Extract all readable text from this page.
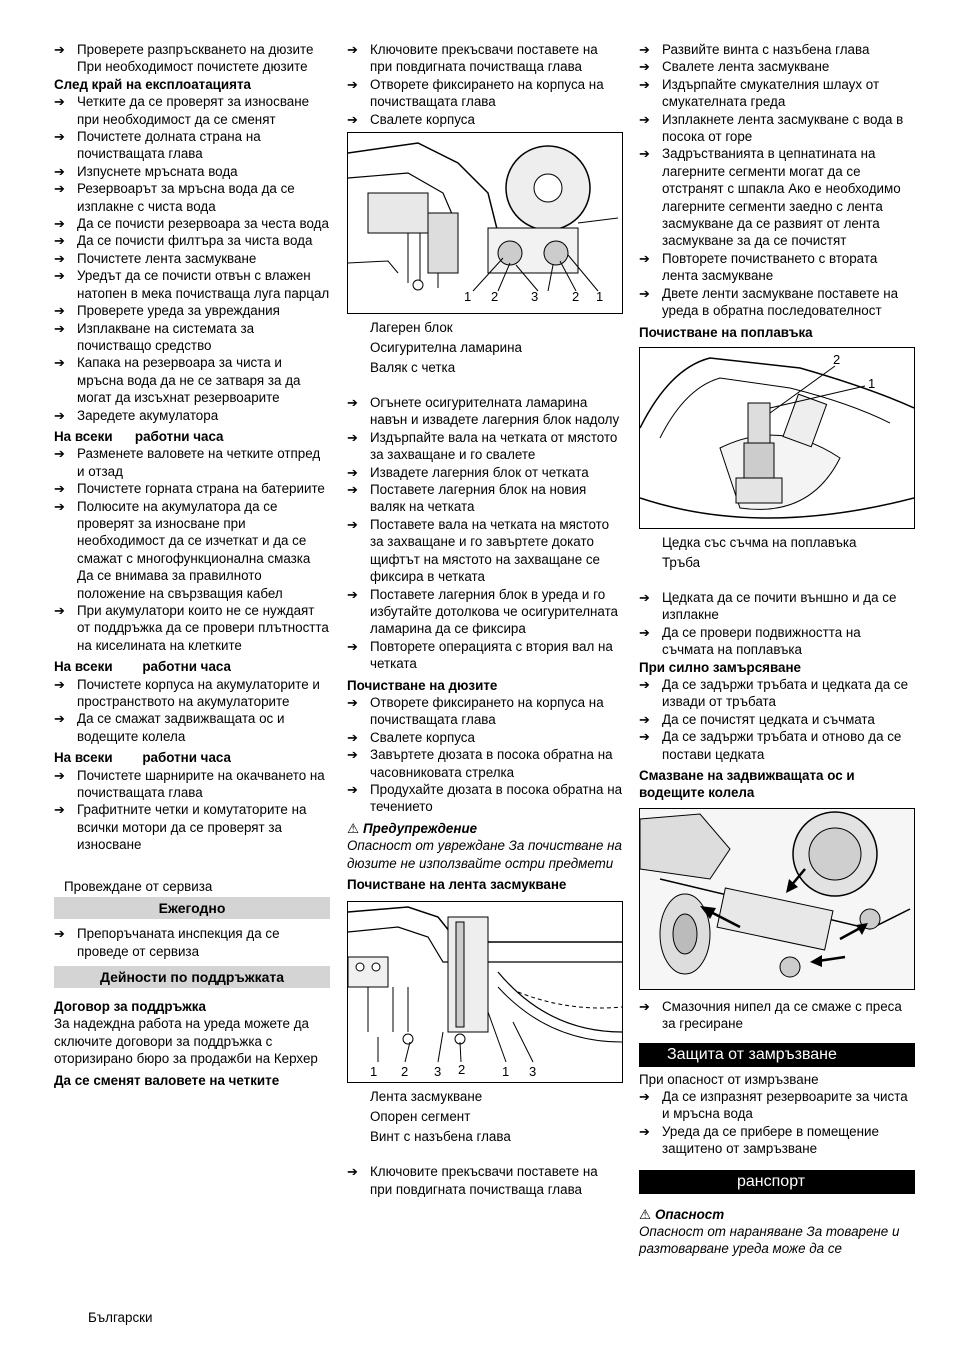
➔ Проверете разпръскването на дюзите
При необходимост почистете дюзите
След край на експлоатацията
➔ Четките да се проверят за износване при необходимост да се сменят
➔ Почистете долната страна на почистващата глава
➔ Изпуснете мръсната вода
➔ Резервоарът за мръсна вода да се изплакне с чиста вода
➔ Да се почисти резервоара за честа вода
➔ Да се почисти филтъра за чиста вода
➔ Почистете лента засмукване
➔ Уредът да се почисти отвън с влажен натопен в мека почистваща луга парцал
➔ Проверете уреда за увреждания
➔ Изплакване на системата за почистващо средство
➔ Капака на резервоара за чиста и мръсна вода да не се затваря за да могат да изсъхнат резервоарите
➔ Заредете акумулатора
На всеки      работни часа
➔ Разменете валовете на четките отпред и отзад
➔ Почистете горната страна на батериите
➔ Полюсите на акумулатора да се проверят за износване при необходимост да се изчеткат и да се смажат с многофункционална смазка Да се внимава за правилното положение на свързващия кабел
➔ При акумулатори които не се нуждаят от поддръжка да се провери плътността на киселината на клетките
На всеки        работни часа
➔ Почистете корпуса на акумулаторите и пространството на акумулаторите
➔ Да се смажат задвижващата ос и водещите колела
На всеки        работни часа
➔ Почистете шарнирите на окачването на почистващата глава
➔ Графитните четки и комутаторите на всички мотори да се проверят за износване
Провеждане от сервиза
Ежегодно
➔ Препоръчаната инспекция да се проведе от сервиза
Дейности по поддръжката
Договор за поддръжка
За надеждна работа на уреда можете да сключите договори за поддръжка с оторизирано бюро за продажби на Керхер
Да се сменят валовете на четките
➔ Ключовите прекъсвачи поставете на при повдигната почистваща глава
➔ Отворете фиксирането на корпуса на почистващата глава
➔ Свалете корпуса
1 2	3	2 1
Лагерен блок
Осигурителна ламарина
Валяк с четка
➔ Огънете осигурителната ламарина навън и извадете лагерния блок надолу
➔ Издърпайте вала на четката от мястото за захващане и го свалете
➔ Извадете лагерния блок от четката
➔ Поставете лагерния блок на новия валяк на четката
➔ Поставете вала на четката на мястото за захващане и го завъртете докато щифтът на мястото на захващане се фиксира в четката
➔ Поставете лагерния блок в уреда и го избутайте дотолкова че осигурителната ламарина да се фиксира
➔ Повторете операцията с втория вал на четката
Почистване на дюзите
➔ Отворете фиксирането на корпуса на почистващата глава
➔ Свалете корпуса
➔ Завъртете дюзата в посока обратна на часовниковата стрелка
➔ Продухайте дюзата в посока обратна на течението
⚠ Предупреждение
Опасност от увреждане За почистване на дюзите не използвайте остри предмети
Почистване на лента засмукване
1 2 3 2	1 3
Лента засмукване
Опорен сегмент
Винт с назъбена глава
➔ Ключовите прекъсвачи поставете на при повдигната почистваща глава
➔ Развийте винта с назъбена глава
➔ Свалете лента засмукване
➔ Издърпайте смукателния шлаух от смукателната греда
➔ Изплакнете лента засмукване с вода в посока от горе
➔ Задръстванията в цепнатината на лагерните сегменти могат да се отстранят с шпакла Ако е необходимо лагерните сегменти заедно с лента засмукване да се развият от лента засмукване за да се почистят
➔ Повторете почистването с втората лента засмукване
➔ Двете ленти засмукване поставете на уреда в обратна последователност
Почистване на поплавъка
2
1
Цедка със съчма на поплавъка
Тръба
➔ Цедката да се почити външно и да се изплакне
➔ Да се провери подвижността на съчмата на поплавъка
При силно замърсяване
➔ Да се задържи тръбата и цедката да се извади от тръбата
➔ Да се почистят цедката и съчмата
➔ Да се задържи тръбата и отново да се постави цедката
Смазване на задвижващата ос и водещите колела
➔ Смазочния нипел да се смаже с преса за гресиране
Защита от замръзване
При опасност от измръзване
➔ Да се изпразнят резервоарите за чиста и мръсна вода
➔ Уреда да се прибере в помещение защитено от замръзване
ранспорт
⚠ Опасност
Опасност от нараняване За товарене и разтоварване уреда може да се
Български
